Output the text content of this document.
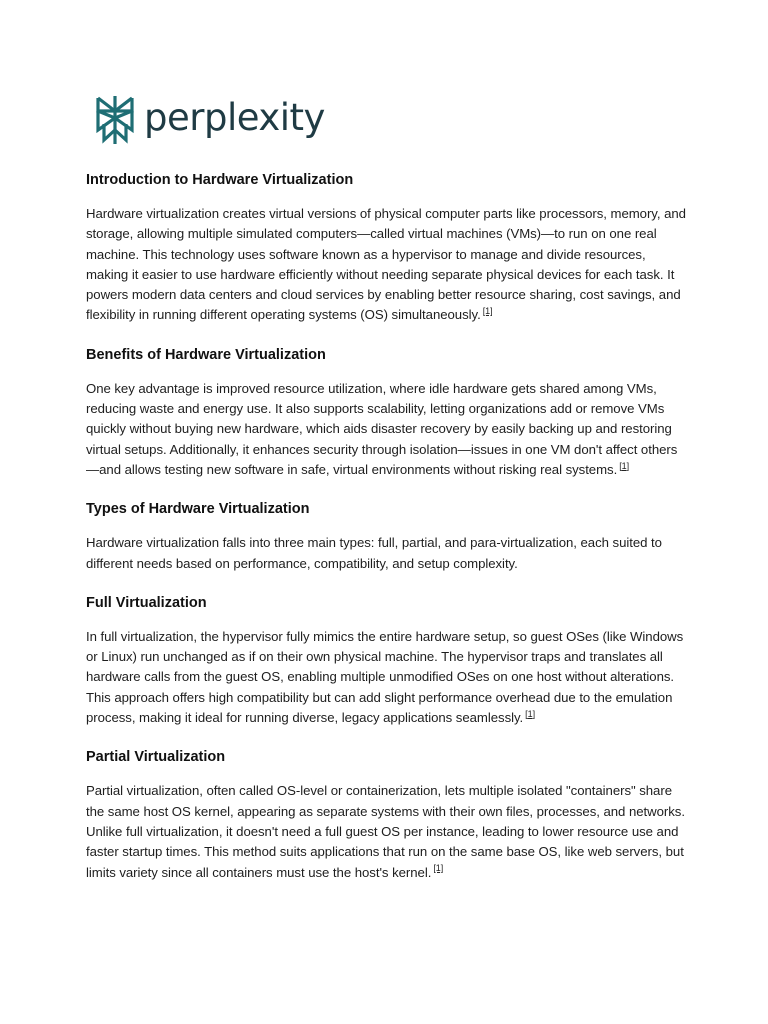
perplexity
Introduction to Hardware Virtualization

Hardware virtualization creates virtual versions of physical computer parts like processors, memory, and storage, allowing multiple simulated computers—called virtual machines (VMs)—to run on one real machine. This technology uses software known as a hypervisor to manage and divide resources, making it easier to use hardware efficiently without needing separate physical devices for each task. It powers modern data centers and cloud services by enabling better resource sharing, cost savings, and flexibility in running different operating systems (OS) simultaneously. [1]

Benefits of Hardware Virtualization

One key advantage is improved resource utilization, where idle hardware gets shared among VMs, reducing waste and energy use. It also supports scalability, letting organizations add or remove VMs quickly without buying new hardware, which aids disaster recovery by easily backing up and restoring virtual setups. Additionally, it enhances security through isolation—issues in one VM don't affect others—and allows testing new software in safe, virtual environments without risking real systems. [1]

Types of Hardware Virtualization

Hardware virtualization falls into three main types: full, partial, and para-virtualization, each suited to different needs based on performance, compatibility, and setup complexity.

Full Virtualization

In full virtualization, the hypervisor fully mimics the entire hardware setup, so guest OSes (like Windows or Linux) run unchanged as if on their own physical machine. The hypervisor traps and translates all hardware calls from the guest OS, enabling multiple unmodified OSes on one host without alterations. This approach offers high compatibility but can add slight performance overhead due to the emulation process, making it ideal for running diverse, legacy applications seamlessly. [1]

Partial Virtualization

Partial virtualization, often called OS-level or containerization, lets multiple isolated "containers" share the same host OS kernel, appearing as separate systems with their own files, processes, and networks. Unlike full virtualization, it doesn't need a full guest OS per instance, leading to lower resource use and faster startup times. This method suits applications that run on the same base OS, like web servers, but limits variety since all containers must use the host's kernel. [1]
